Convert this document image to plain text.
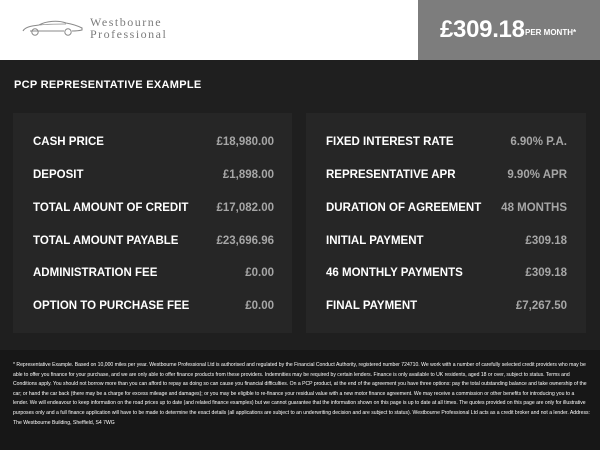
Westbourne
Professional	£309.18 PER MONTH*
PCP REPRESENTATIVE EXAMPLE
CASH PRICE	£18,980.00
DEPOSIT	£1,898.00
TOTAL AMOUNT OF CREDIT £17,082.00
TOTAL AMOUNT PAYABLE	£23,696.96
ADMINISTRATION FEE	£0.00
OPTION TO PURCHASE FEE	£0.00
FIXED INTEREST RATE	6.90% P.A.
REPRESENTATIVE APR	9.90% APR
DURATION OF AGREEMENT 48 MONTHS
INITIAL PAYMENT	£309.18
46 MONTHLY PAYMENTS	£309.18
FINAL PAYMENT	£7,267.50
* Representative Example. Based on 10,000 miles per year. Westbourne Professional Ltd is authorised and regulated by the Financial Conduct Authority, registered number 724710. We work with a number of carefully selected credit providers who may be able to offer you finance for your purchase, and we are only able to offer finance products from these providers. Indemnities may be required by certain lenders. Finance is only available to UK residents, aged 18 or over, subject to status. Terms and Conditions apply. You should not borrow more than you can afford to repay as doing so can cause you financial difficulties. On a PCP product, at the end of the agreement you have three options: pay the total outstanding balance and take ownership of the car; or hand the car back (there may be a charge for excess mileage and damages); or you may be eligible to re-finance your residual value with a new motor finance agreement. We may receive a commission or other benefits for introducing you to a lender. We will endeavour to keep information on the road prices up to date (and related finance examples) but we cannot guarantee that the information shown on this page is up to date at all times. The quotes provided on this page are only for illustrative purposes only and a full finance application will have to be made to determine the exact details (all applications are subject to an underwriting decision and are subject to status). Westbourne Professional Ltd acts as a credit broker and not a lender. Address: The Westbourne Building, Sheffield, S4 7WG
